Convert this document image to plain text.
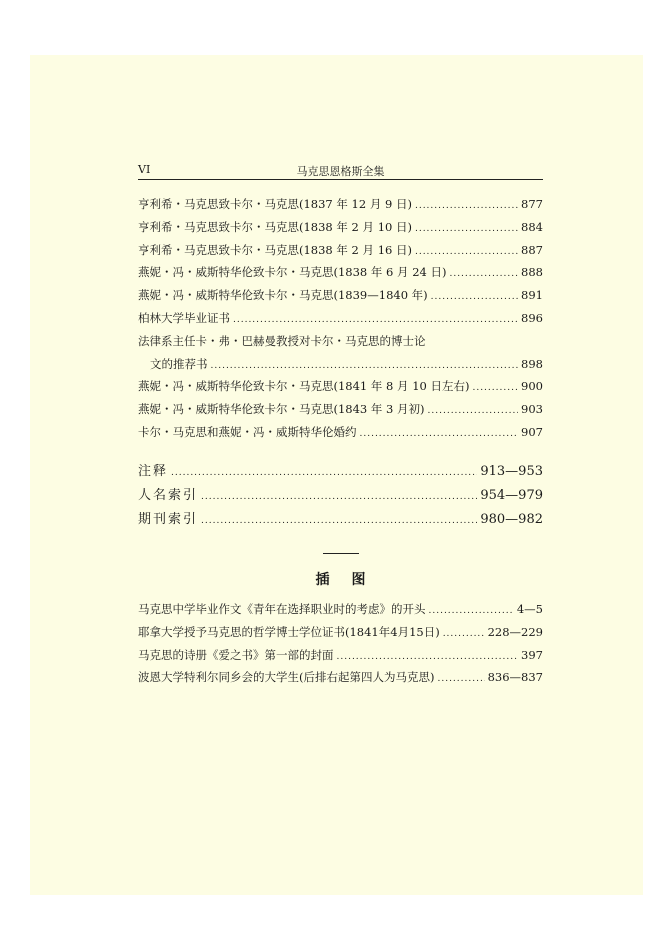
VI	马克思恩格斯全集
亨利希・马克思致卡尔・马克思(1837 年 12 月 9 日) .....	877
亨利希・马克思致卡尔・马克思(1838 年 2 月 10 日) .....	884
亨利希・马克思致卡尔・马克思(1838 年 2 月 16 日) .....	887
燕妮・冯・威斯特华伦致卡尔・马克思(1838 年 6 月 24 日) .....	888
燕妮・冯・威斯特华伦致卡尔・马克思(1839—1840 年) .....	891
柏林大学毕业证书 .....	896
法律系主任卡・弗・巴赫曼教授对卡尔・马克思的博士论
文的推荐书 .....	898
燕妮・冯・威斯特华伦致卡尔・马克思(1841 年 8 月 10 日左右) .....	900
燕妮・冯・威斯特华伦致卡尔・马克思(1843 年 3 月初) .....	903
卡尔・马克思和燕妮・冯・威斯特华伦婚约 .....	907
注释 .....	913—953
人名索引 .....	954—979
期刊索引 .....	980—982
插图
马克思中学毕业作文《青年在选择职业时的考虑》的开头 .....	4—5
耶拿大学授予马克思的哲学博士学位证书(1841年4月15日) .....	228—229
马克思的诗册《爱之书》第一部的封面 .....	397
波恩大学特利尔同乡会的大学生(后排右起第四人为马克思) .....	836—837
